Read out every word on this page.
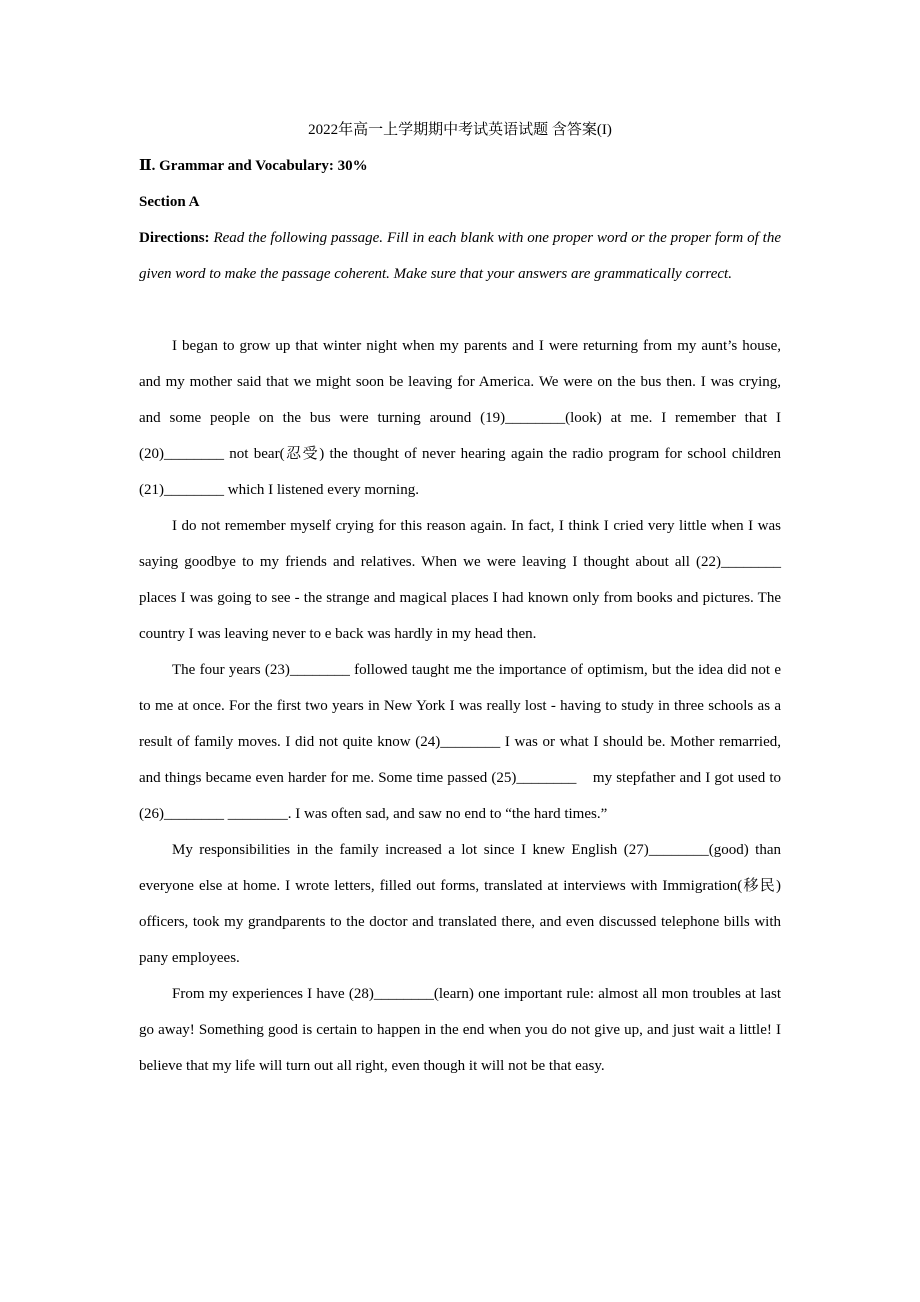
2022年高一上学期期中考试英语试题 含答案(I)
Ⅱ. Grammar and Vocabulary: 30%
Section A
Directions: Read the following passage. Fill in each blank with one proper word or the proper form of the given word to make the passage coherent. Make sure that your answers are grammatically correct.

I began to grow up that winter night when my parents and I were returning from my aunt’s house, and my mother said that we might soon be leaving for America. We were on the bus then. I was crying, and some people on the bus were turning around (19)________(look) at me. I remember that I (20)________ not bear(忍受) the thought of never hearing again the radio program for school children (21)________ which I listened every morning.

I do not remember myself crying for this reason again. In fact, I think I cried very little when I was saying goodbye to my friends and relatives. When we were leaving I thought about all (22)________ places I was going to see - the strange and magical places I had known only from books and pictures. The country I was leaving never to e back was hardly in my head then.

The four years (23)________ followed taught me the importance of optimism, but the idea did not e to me at once. For the first two years in New York I was really lost - having to study in three schools as a result of family moves. I did not quite know (24)________ I was or what I should be. Mother remarried, and things became even harder for me. Some time passed (25)________    my stepfather and I got used to (26)________ ________. I was often sad, and saw no end to “the hard times.”

My responsibilities in the family increased a lot since I knew English (27)________(good) than everyone else at home. I wrote letters, filled out forms, translated at interviews with Immigration(移民) officers, took my grandparents to the doctor and translated there, and even discussed telephone bills with pany employees.

From my experiences I have (28)________(learn) one important rule: almost all mon troubles at last go away! Something good is certain to happen in the end when you do not give up, and just wait a little! I believe that my life will turn out all right, even though it will not be that easy.
